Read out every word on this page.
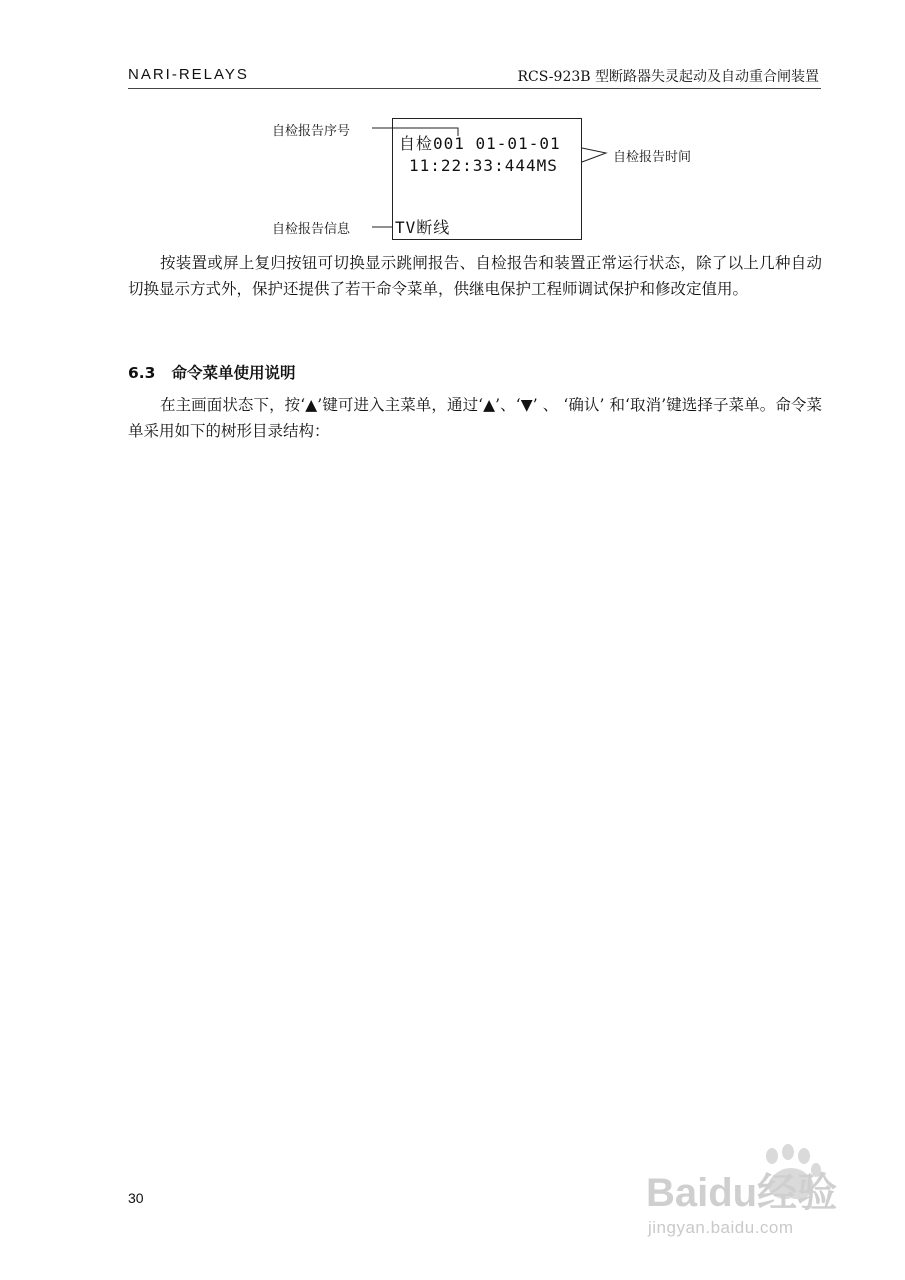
NARI-RELAYS	RCS-923B 型断路器失灵起动及自动重合闸装置
自检001 01-01-01
11:22:33:444MS
TV断线
自检报告序号
自检报告时间
自检报告信息
按装置或屏上复归按钮可切换显示跳闸报告、自检报告和装置正常运行状态，除了以上几种自动切换显示方式外，保护还提供了若干命令菜单，供继电保护工程师调试保护和修改定值用。
6.3 命令菜单使用说明
在主画面状态下，按‘▲’键可进入主菜单，通过‘▲’、‘▼’ 、 ‘确认’ 和‘取消’键选择子菜单。命令菜单采用如下的树形目录结构：
30	Baidu经验
jingyan.baidu.com
